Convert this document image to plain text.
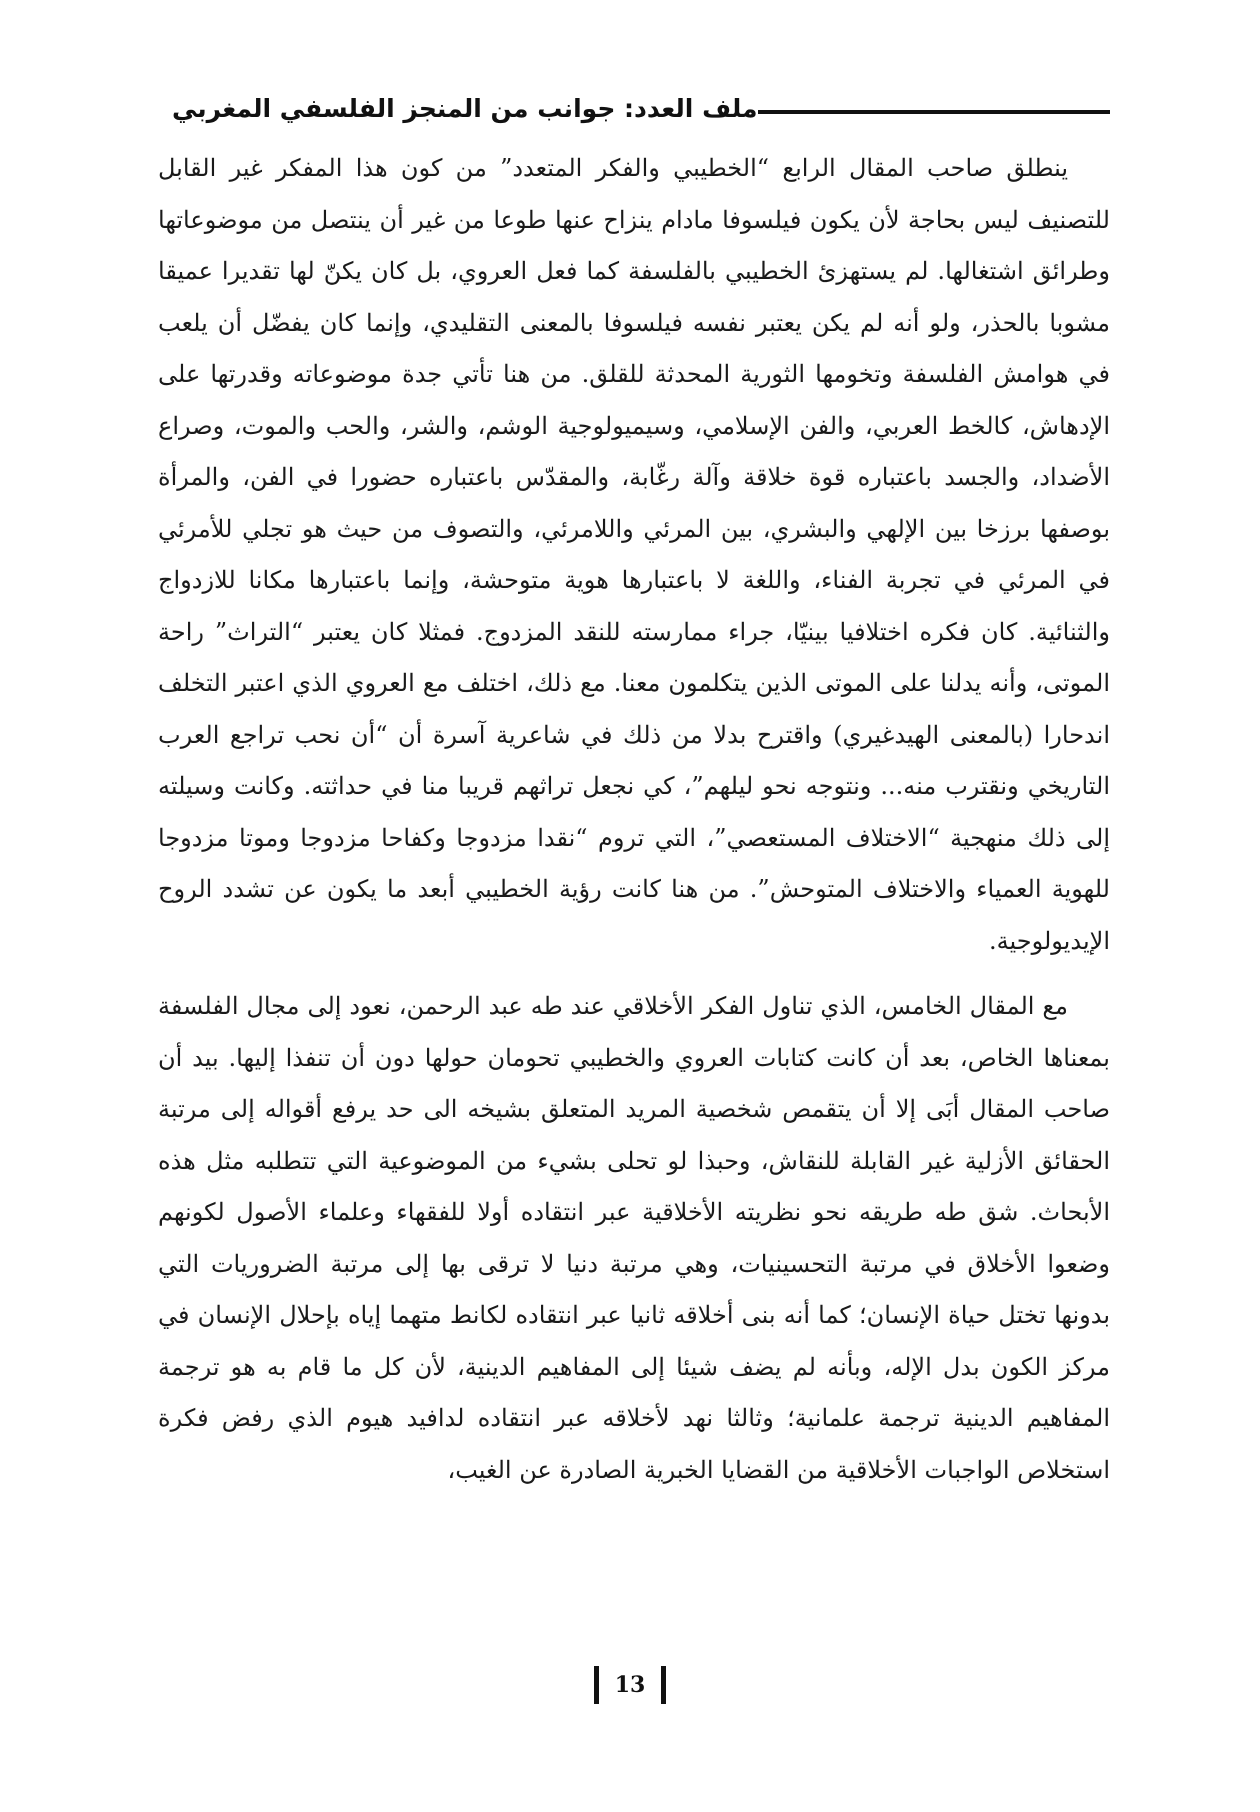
ملف العدد: جوانب من المنجز الفلسفي المغربي

ينطلق صاحب المقال الرابع “الخطيبي والفكر المتعدد” من كون هذا المفكر غير القابل للتصنيف ليس بحاجة لأن يكون فيلسوفا مادام ينزاح عنها طوعا من غير أن ينتصل من موضوعاتها وطرائق اشتغالها. لم يستهزئ الخطيبي بالفلسفة كما فعل العروي، بل كان يكنّ لها تقديرا عميقا مشوبا بالحذر، ولو أنه لم يكن يعتبر نفسه فيلسوفا بالمعنى التقليدي، وإنما كان يفضّل أن يلعب في هوامش الفلسفة وتخومها الثورية المحدثة للقلق. من هنا تأتي جدة موضوعاته وقدرتها على الإدهاش، كالخط العربي، والفن الإسلامي، وسيميولوجية الوشم، والشر، والحب والموت، وصراع الأضداد، والجسد باعتباره قوة خلاقة وآلة رغّابة، والمقدّس باعتباره حضورا في الفن، والمرأة بوصفها برزخا بين الإلهي والبشري، بين المرئي واللامرئي، والتصوف من حيث هو تجلي للأمرئي في المرئي في تجربة الفناء، واللغة لا باعتبارها هوية متوحشة، وإنما باعتبارها مكانا للازدواج والثنائية. كان فكره اختلافيا بينيّا، جراء ممارسته للنقد المزدوج. فمثلا كان يعتبر “التراث” راحة الموتى، وأنه يدلنا على الموتى الذين يتكلمون معنا. مع ذلك، اختلف مع العروي الذي اعتبر التخلف اندحارا (بالمعنى الهيدغيري) واقترح بدلا من ذلك في شاعرية آسرة أن “أن نحب تراجع العرب التاريخي ونقترب منه... ونتوجه نحو ليلهم”، كي نجعل تراثهم قريبا منا في حداثته. وكانت وسيلته إلى ذلك منهجية “الاختلاف المستعصي”، التي تروم “نقدا مزدوجا وكفاحا مزدوجا وموتا مزدوجا للهوية العمياء والاختلاف المتوحش”. من هنا كانت رؤية الخطيبي أبعد ما يكون عن تشدد الروح الإيديولوجية.

مع المقال الخامس، الذي تناول الفكر الأخلاقي عند طه عبد الرحمن، نعود إلى مجال الفلسفة بمعناها الخاص، بعد أن كانت كتابات العروي والخطيبي تحومان حولها دون أن تنفذا إليها. بيد أن صاحب المقال أبَى إلا أن يتقمص شخصية المريد المتعلق بشيخه الى حد يرفع أقواله إلى مرتبة الحقائق الأزلية غير القابلة للنقاش، وحبذا لو تحلى بشيء من الموضوعية التي تتطلبه مثل هذه الأبحاث. شق طه طريقه نحو نظريته الأخلاقية عبر انتقاده أولا للفقهاء وعلماء الأصول لكونهم وضعوا الأخلاق في مرتبة التحسينيات، وهي مرتبة دنيا لا ترقى بها إلى مرتبة الضروريات التي بدونها تختل حياة الإنسان؛ كما أنه بنى أخلاقه ثانيا عبر انتقاده لكانط متهما إياه بإحلال الإنسان في مركز الكون بدل الإله، وبأنه لم يضف شيئا إلى المفاهيم الدينية، لأن كل ما قام به هو ترجمة المفاهيم الدينية ترجمة علمانية؛ وثالثا نهد لأخلاقه عبر انتقاده لدافيد هيوم الذي رفض فكرة استخلاص الواجبات الأخلاقية من القضايا الخبرية الصادرة عن الغيب،

13
